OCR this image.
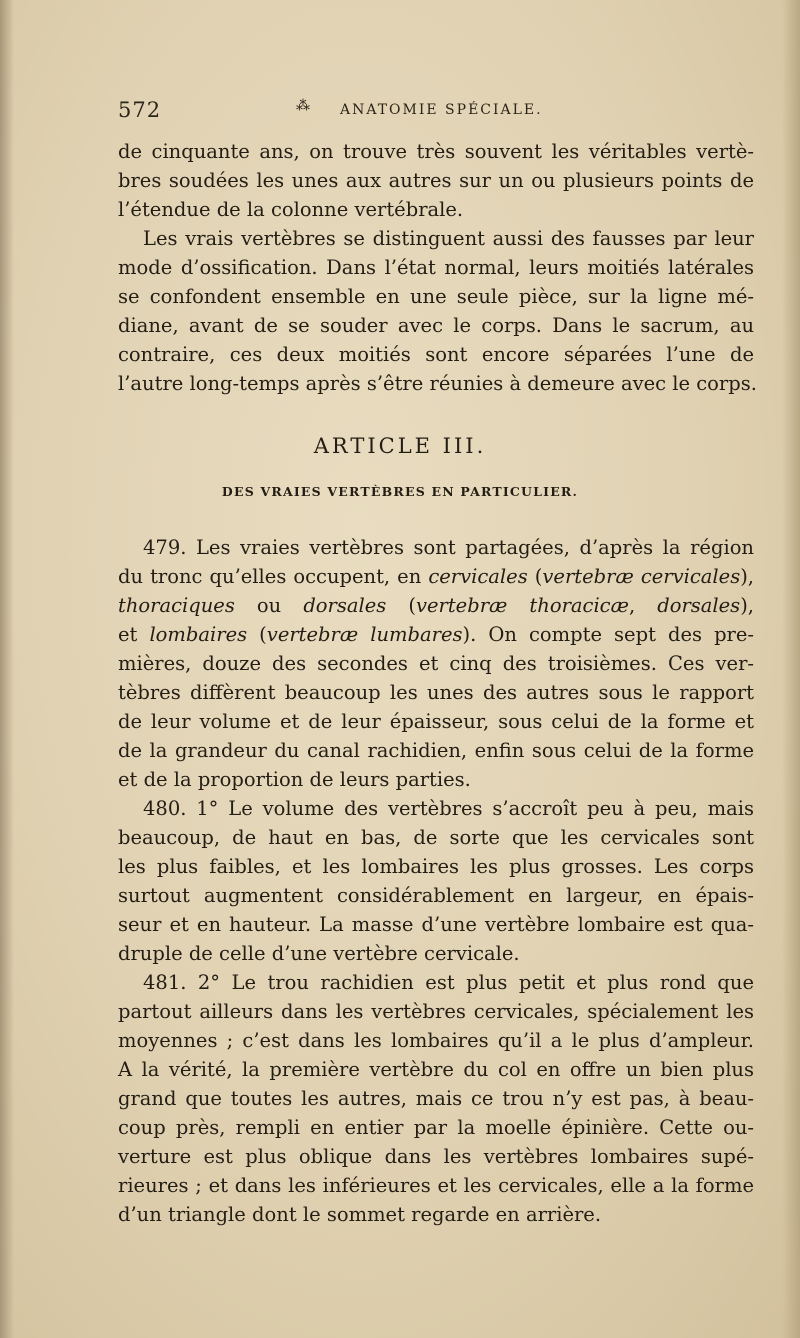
572	⁂ ANATOMIE SPÉCIALE.
de cinquante ans, on trouve très souvent les véritables vertè-
bres soudées les unes aux autres sur un ou plusieurs points de
l’étendue de la colonne vertébrale.
Les vrais vertèbres se distinguent aussi des fausses par leur
mode d’ossification. Dans l’état normal, leurs moitiés latérales
se confondent ensemble en une seule pièce, sur la ligne mé-
diane, avant de se souder avec le corps. Dans le sacrum, au
contraire, ces deux moitiés sont encore séparées l’une de
l’autre long-temps après s’être réunies à demeure avec le corps.
ARTICLE III.
DES VRAIES VERTÈBRES EN PARTICULIER.
479. Les vraies vertèbres sont partagées, d’après la région
du tronc qu’elles occupent, en cervicales (vertebræ cervicales),
thoraciques ou dorsales (vertebræ thoracicæ, dorsales),
et lombaires (vertebræ lumbares). On compte sept des pre-
mières, douze des secondes et cinq des troisièmes. Ces ver-
tèbres diffèrent beaucoup les unes des autres sous le rapport
de leur volume et de leur épaisseur, sous celui de la forme et
de la grandeur du canal rachidien, enfin sous celui de la forme
et de la proportion de leurs parties.
480. 1° Le volume des vertèbres s’accroît peu à peu, mais
beaucoup, de haut en bas, de sorte que les cervicales sont
les plus faibles, et les lombaires les plus grosses. Les corps
surtout augmentent considérablement en largeur, en épais-
seur et en hauteur. La masse d’une vertèbre lombaire est qua-
druple de celle d’une vertèbre cervicale.
481. 2° Le trou rachidien est plus petit et plus rond que
partout ailleurs dans les vertèbres cervicales, spécialement les
moyennes ; c’est dans les lombaires qu’il a le plus d’ampleur.
A la vérité, la première vertèbre du col en offre un bien plus
grand que toutes les autres, mais ce trou n’y est pas, à beau-
coup près, rempli en entier par la moelle épinière. Cette ou-
verture est plus oblique dans les vertèbres lombaires supé-
rieures ; et dans les inférieures et les cervicales, elle a la forme
d’un triangle dont le sommet regarde en arrière.
